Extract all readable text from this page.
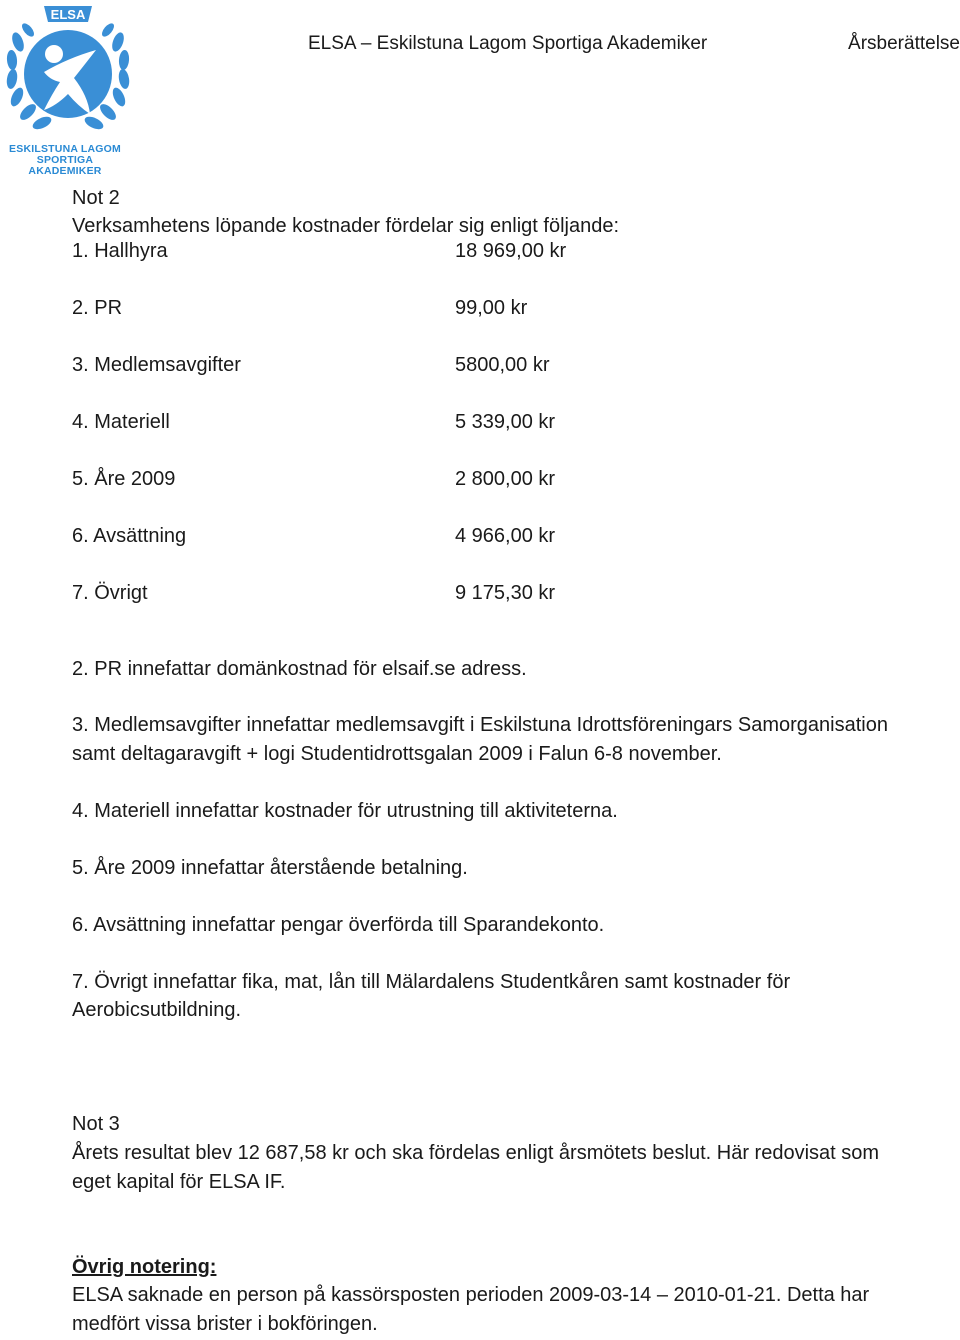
ELSA
ESKILSTUNA LAGOM
SPORTIGA AKADEMIKER
ELSA – Eskilstuna Lagom Sportiga Akademiker	Årsberättelse
Not 2
Verksamhetens löpande kostnader fördelar sig enligt följande:
1. Hallhyra	18 969,00 kr
2. PR	99,00 kr
3. Medlemsavgifter	5800,00 kr
4. Materiell	5 339,00 kr
5. Åre 2009	2 800,00 kr
6. Avsättning	4 966,00 kr
7. Övrigt	9 175,30 kr
2. PR innefattar domänkostnad för elsaif.se adress.
3. Medlemsavgifter innefattar medlemsavgift i Eskilstuna Idrottsföreningars Samorganisation
samt deltagaravgift + logi Studentidrottsgalan 2009 i Falun 6-8 november.
4. Materiell innefattar kostnader för utrustning till aktiviteterna.
5. Åre 2009 innefattar återstående betalning.
6. Avsättning innefattar pengar överförda till Sparandekonto.
7. Övrigt innefattar fika, mat, lån till Mälardalens Studentkåren samt kostnader för
Aerobicsutbildning.
Not 3
Årets resultat blev 12 687,58 kr och ska fördelas enligt årsmötets beslut. Här redovisat som
eget kapital för ELSA IF.
Övrig notering:
ELSA saknade en person på kassörsposten perioden 2009-03-14 – 2010-01-21. Detta har
medfört vissa brister i bokföringen.
